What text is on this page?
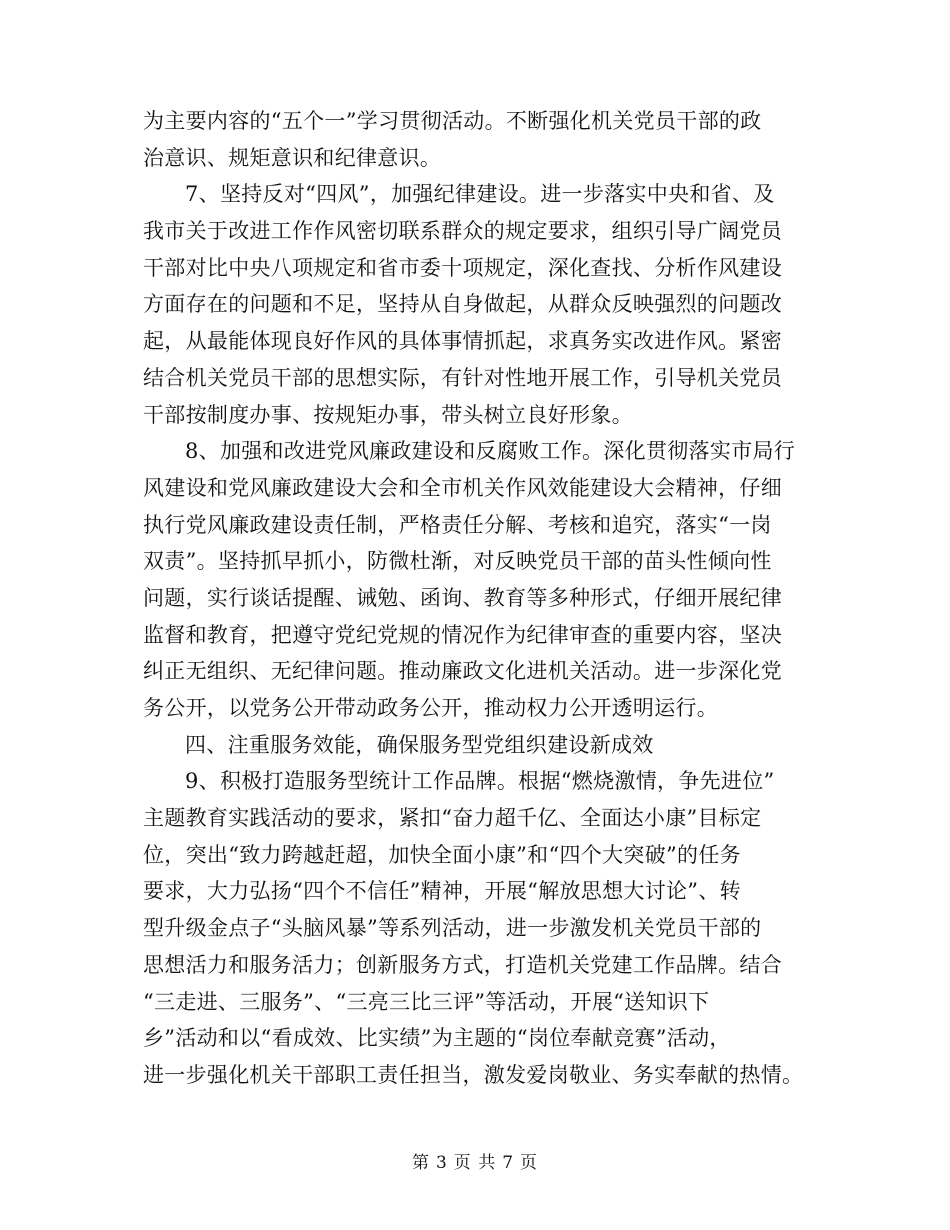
为主要内容的“五个一”学习贯彻活动。不断强化机关党员干部的政
治意识、规矩意识和纪律意识。
7、坚持反对“四风”，加强纪律建设。进一步落实中央和省、及
我市关于改进工作作风密切联系群众的规定要求，组织引导广阔党员
干部对比中央八项规定和省市委十项规定，深化查找、分析作风建设
方面存在的问题和不足，坚持从自身做起，从群众反映强烈的问题改
起，从最能体现良好作风的具体事情抓起，求真务实改进作风。紧密
结合机关党员干部的思想实际，有针对性地开展工作，引导机关党员
干部按制度办事、按规矩办事，带头树立良好形象。
8、加强和改进党风廉政建设和反腐败工作。深化贯彻落实市局行
风建设和党风廉政建设大会和全市机关作风效能建设大会精神，仔细
执行党风廉政建设责任制，严格责任分解、考核和追究，落实“一岗
双责”。坚持抓早抓小，防微杜渐，对反映党员干部的苗头性倾向性
问题，实行谈话提醒、诫勉、函询、教育等多种形式，仔细开展纪律
监督和教育，把遵守党纪党规的情况作为纪律审查的重要内容，坚决
纠正无组织、无纪律问题。推动廉政文化进机关活动。进一步深化党
务公开，以党务公开带动政务公开，推动权力公开透明运行。
四、注重服务效能，确保服务型党组织建设新成效
9、积极打造服务型统计工作品牌。根据“燃烧激情，争先进位”
主题教育实践活动的要求，紧扣“奋力超千亿、全面达小康”目标定
位，突出“致力跨越赶超，加快全面小康”和“四个大突破”的任务
要求，大力弘扬“四个不信任”精神，开展“解放思想大讨论”、转
型升级金点子“头脑风暴”等系列活动，进一步激发机关党员干部的
思想活力和服务活力；创新服务方式，打造机关党建工作品牌。结合
“三走进、三服务”、“三亮三比三评”等活动，开展“送知识下
乡”活动和以“看成效、比实绩”为主题的“岗位奉献竞赛”活动，
进一步强化机关干部职工责任担当，激发爱岗敬业、务实奉献的热情。
第 3 页 共 7 页
